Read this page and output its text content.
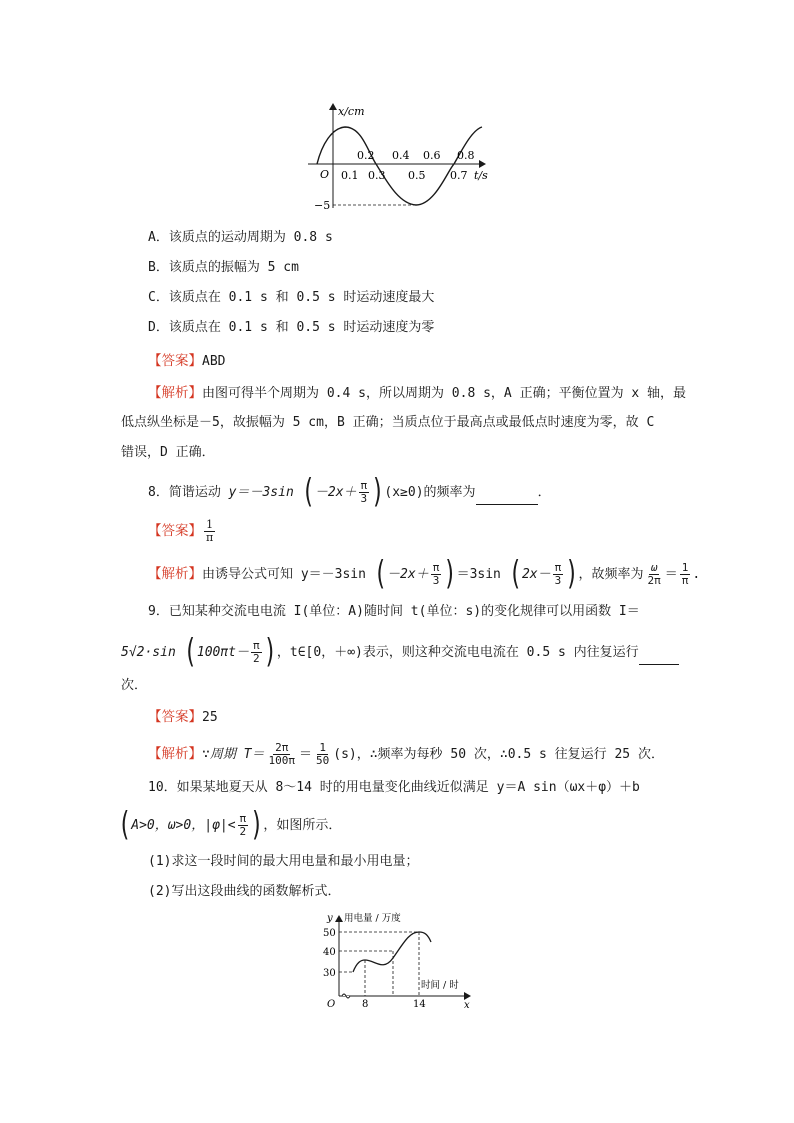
x/cm
t/s
O
−5
0.2 0.4 0.6 0.8
0.1 0.3 0.5 0.7
A．该质点的运动周期为 0.8 s
B．该质点的振幅为 5 cm
C．该质点在 0.1 s 和 0.5 s 时运动速度最大
D．该质点在 0.1 s 和 0.5 s 时运动速度为零
【答案】ABD
【解析】由图可得半个周期为 0.4 s，所以周期为 0.8 s，A 正确；平衡位置为 x 轴，最
低点纵坐标是－5，故振幅为 5 cm，B 正确；当质点位于最高点或最低点时速度为零，故 C
错误，D 正确．
8．简谐运动 y＝－3sin $(-2x+ \frac{\pi}{3} )(x\ge 0)$的频率为	．
【答案】 $\frac{1}{\pi}$
【解析】由诱导公式可知 y＝－3sin $(-2x+ \frac{\pi}{3} )=3\sin$ ($2x- \frac{\pi}{3}$ )，故频率为 $\frac{\omega}{2\pi} = \frac{1}{\pi}$ .
9．已知某种交流电电流 I(单位：A)随时间 t(单位：s)的变化规律可以用函数 I＝
5√2·sin ($100\pi t- \frac{\pi}{2}$ )，t∈[0，＋∞)表示，则这种交流电电流在 0.5 s 内往复运行
次．
【答案】25
【解析】∵周期 $T= \frac{2\pi}{100\pi} = \frac{1}{50} (s)$，∴频率为每秒 50 次，∴0.5 s 往复运行 25 次．
10．如果某地夏天从 8～14 时的用电量变化曲线近似满足 y＝A sin（ωx＋φ）＋b
(A>0，ω>0，$|\varphi|< \frac{\pi}{2}$ )，如图所示．
(1)求这一段时间的最大用电量和最小用电量；
(2)写出这段曲线的函数解析式．
y 用电量 / 万度
x
时间 / 时
O
50
40
30
8	14
